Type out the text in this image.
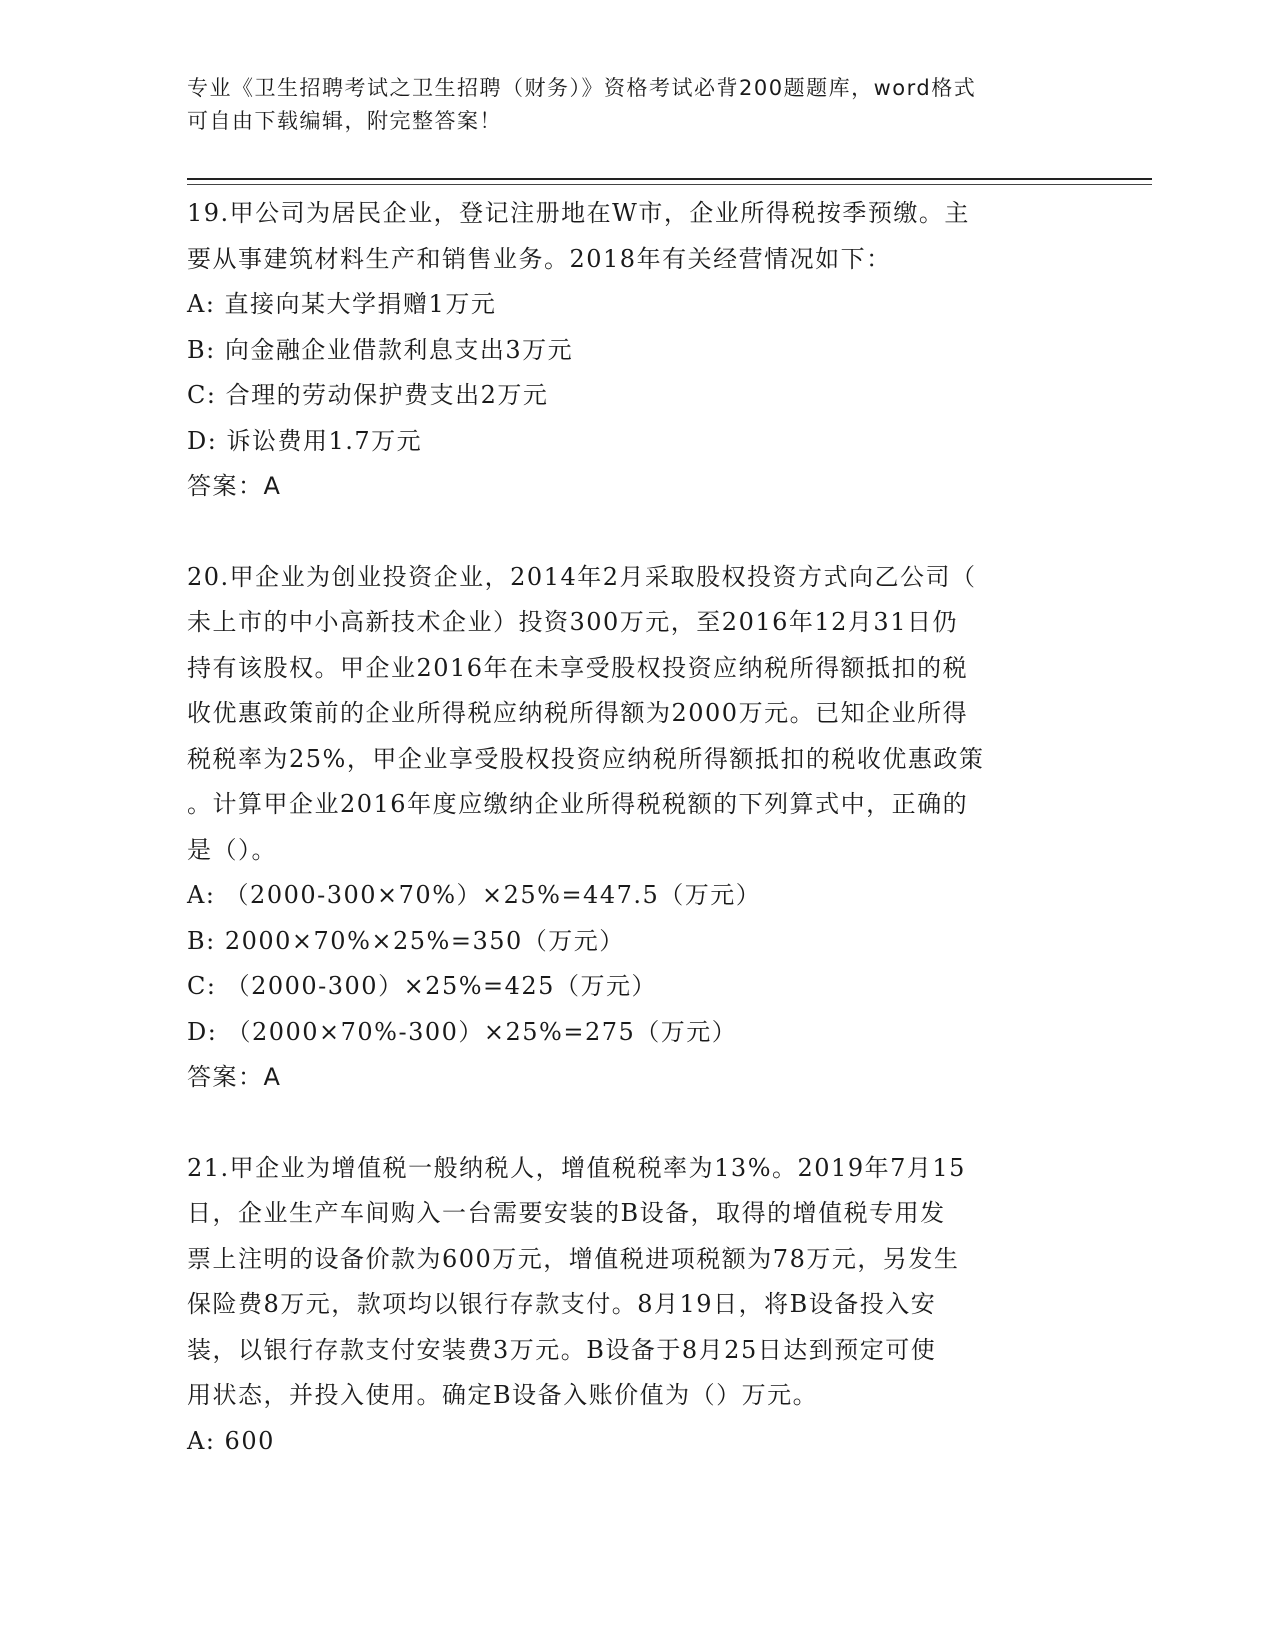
专业《卫生招聘考试之卫生招聘（财务）》资格考试必背200题题库，word格式
可自由下载编辑，附完整答案！
19.甲公司为居民企业，登记注册地在W市，企业所得税按季预缴。主
要从事建筑材料生产和销售业务。2018年有关经营情况如下：
A: 直接向某大学捐赠1万元
B: 向金融企业借款利息支出3万元
C: 合理的劳动保护费支出2万元
D: 诉讼费用1.7万元
答案：A
20.甲企业为创业投资企业，2014年2月采取股权投资方式向乙公司（
未上市的中小高新技术企业）投资300万元，至2016年12月31日仍
持有该股权。甲企业2016年在未享受股权投资应纳税所得额抵扣的税
收优惠政策前的企业所得税应纳税所得额为2000万元。已知企业所得
税税率为25%，甲企业享受股权投资应纳税所得额抵扣的税收优惠政策
。计算甲企业2016年度应缴纳企业所得税税额的下列算式中，正确的
是（）。
A: （2000-300×70%）×25%=447.5（万元）
B: 2000×70%×25%=350（万元）
C: （2000-300）×25%=425（万元）
D: （2000×70%-300）×25%=275（万元）
答案：A
21.甲企业为增值税一般纳税人，增值税税率为13%。2019年7月15
日，企业生产车间购入一台需要安装的B设备，取得的增值税专用发
票上注明的设备价款为600万元，增值税进项税额为78万元，另发生
保险费8万元，款项均以银行存款支付。8月19日，将B设备投入安
装，以银行存款支付安装费3万元。B设备于8月25日达到预定可使
用状态，并投入使用。确定B设备入账价值为（）万元。
A: 600
